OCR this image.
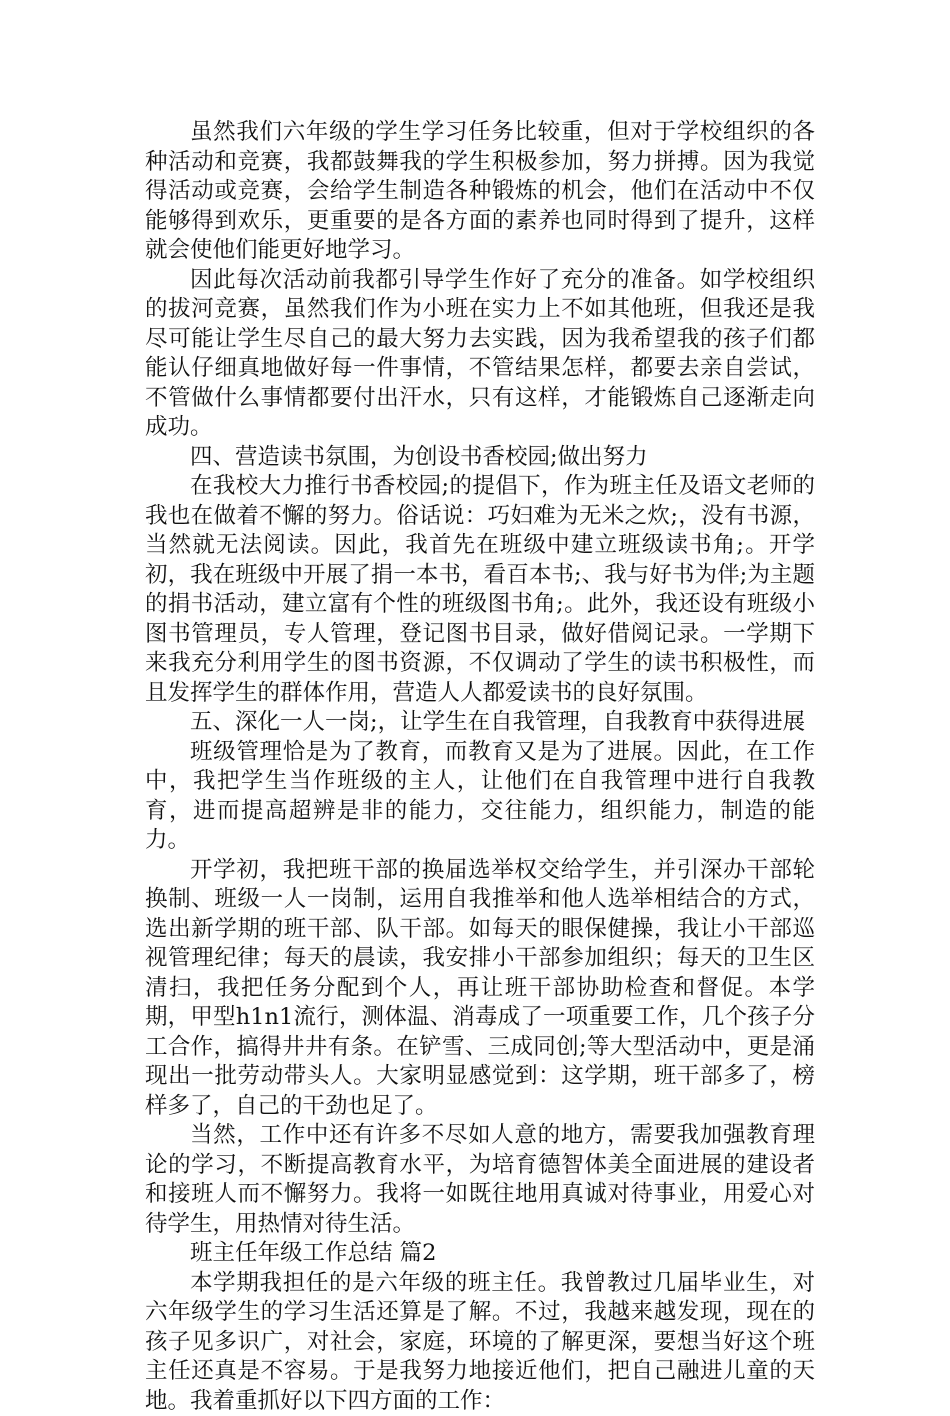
虽然我们六年级的学生学习任务比较重，但对于学校组织的各种活动和竞赛，我都鼓舞我的学生积极参加，努力拼搏。因为我觉得活动或竞赛，会给学生制造各种锻炼的机会，他们在活动中不仅能够得到欢乐，更重要的是各方面的素养也同时得到了提升，这样就会使他们能更好地学习。

因此每次活动前我都引导学生作好了充分的准备。如学校组织的拔河竞赛，虽然我们作为小班在实力上不如其他班，但我还是我尽可能让学生尽自己的最大努力去实践，因为我希望我的孩子们都能认仔细真地做好每一件事情，不管结果怎样，都要去亲自尝试，不管做什么事情都要付出汗水，只有这样，才能锻炼自己逐渐走向成功。

四、营造读书氛围，为创设书香校园;做出努力

在我校大力推行书香校园;的提倡下，作为班主任及语文老师的我也在做着不懈的努力。俗话说：巧妇难为无米之炊;，没有书源，当然就无法阅读。因此，我首先在班级中建立班级读书角;。开学初，我在班级中开展了捐一本书，看百本书;、我与好书为伴;为主题的捐书活动，建立富有个性的班级图书角;。此外，我还设有班级小图书管理员，专人管理，登记图书目录，做好借阅记录。一学期下来我充分利用学生的图书资源，不仅调动了学生的读书积极性，而且发挥学生的群体作用，营造人人都爱读书的良好氛围。

五、深化一人一岗;，让学生在自我管理，自我教育中获得进展

班级管理恰是为了教育，而教育又是为了进展。因此，在工作中，我把学生当作班级的主人，让他们在自我管理中进行自我教育，进而提高超辨是非的能力，交往能力，组织能力，制造的能力。

开学初，我把班干部的换届选举权交给学生，并引深办干部轮换制、班级一人一岗制，运用自我推举和他人选举相结合的方式，选出新学期的班干部、队干部。如每天的眼保健操，我让小干部巡视管理纪律；每天的晨读，我安排小干部参加组织；每天的卫生区清扫，我把任务分配到个人，再让班干部协助检查和督促。本学期，甲型h1n1流行，测体温、消毒成了一项重要工作，几个孩子分工合作，搞得井井有条。在铲雪、三成同创;等大型活动中，更是涌现出一批劳动带头人。大家明显感觉到：这学期，班干部多了，榜样多了，自己的干劲也足了。

当然，工作中还有许多不尽如人意的地方，需要我加强教育理论的学习，不断提高教育水平，为培育德智体美全面进展的建设者和接班人而不懈努力。我将一如既往地用真诚对待事业，用爱心对待学生，用热情对待生活。

班主任年级工作总结 篇2

本学期我担任的是六年级的班主任。我曾教过几届毕业生，对六年级学生的学习生活还算是了解。不过，我越来越发现，现在的孩子见多识广，对社会，家庭，环境的了解更深，要想当好这个班主任还真是不容易。于是我努力地接近他们，把自己融进儿童的天地。我着重抓好以下四方面的工作：
